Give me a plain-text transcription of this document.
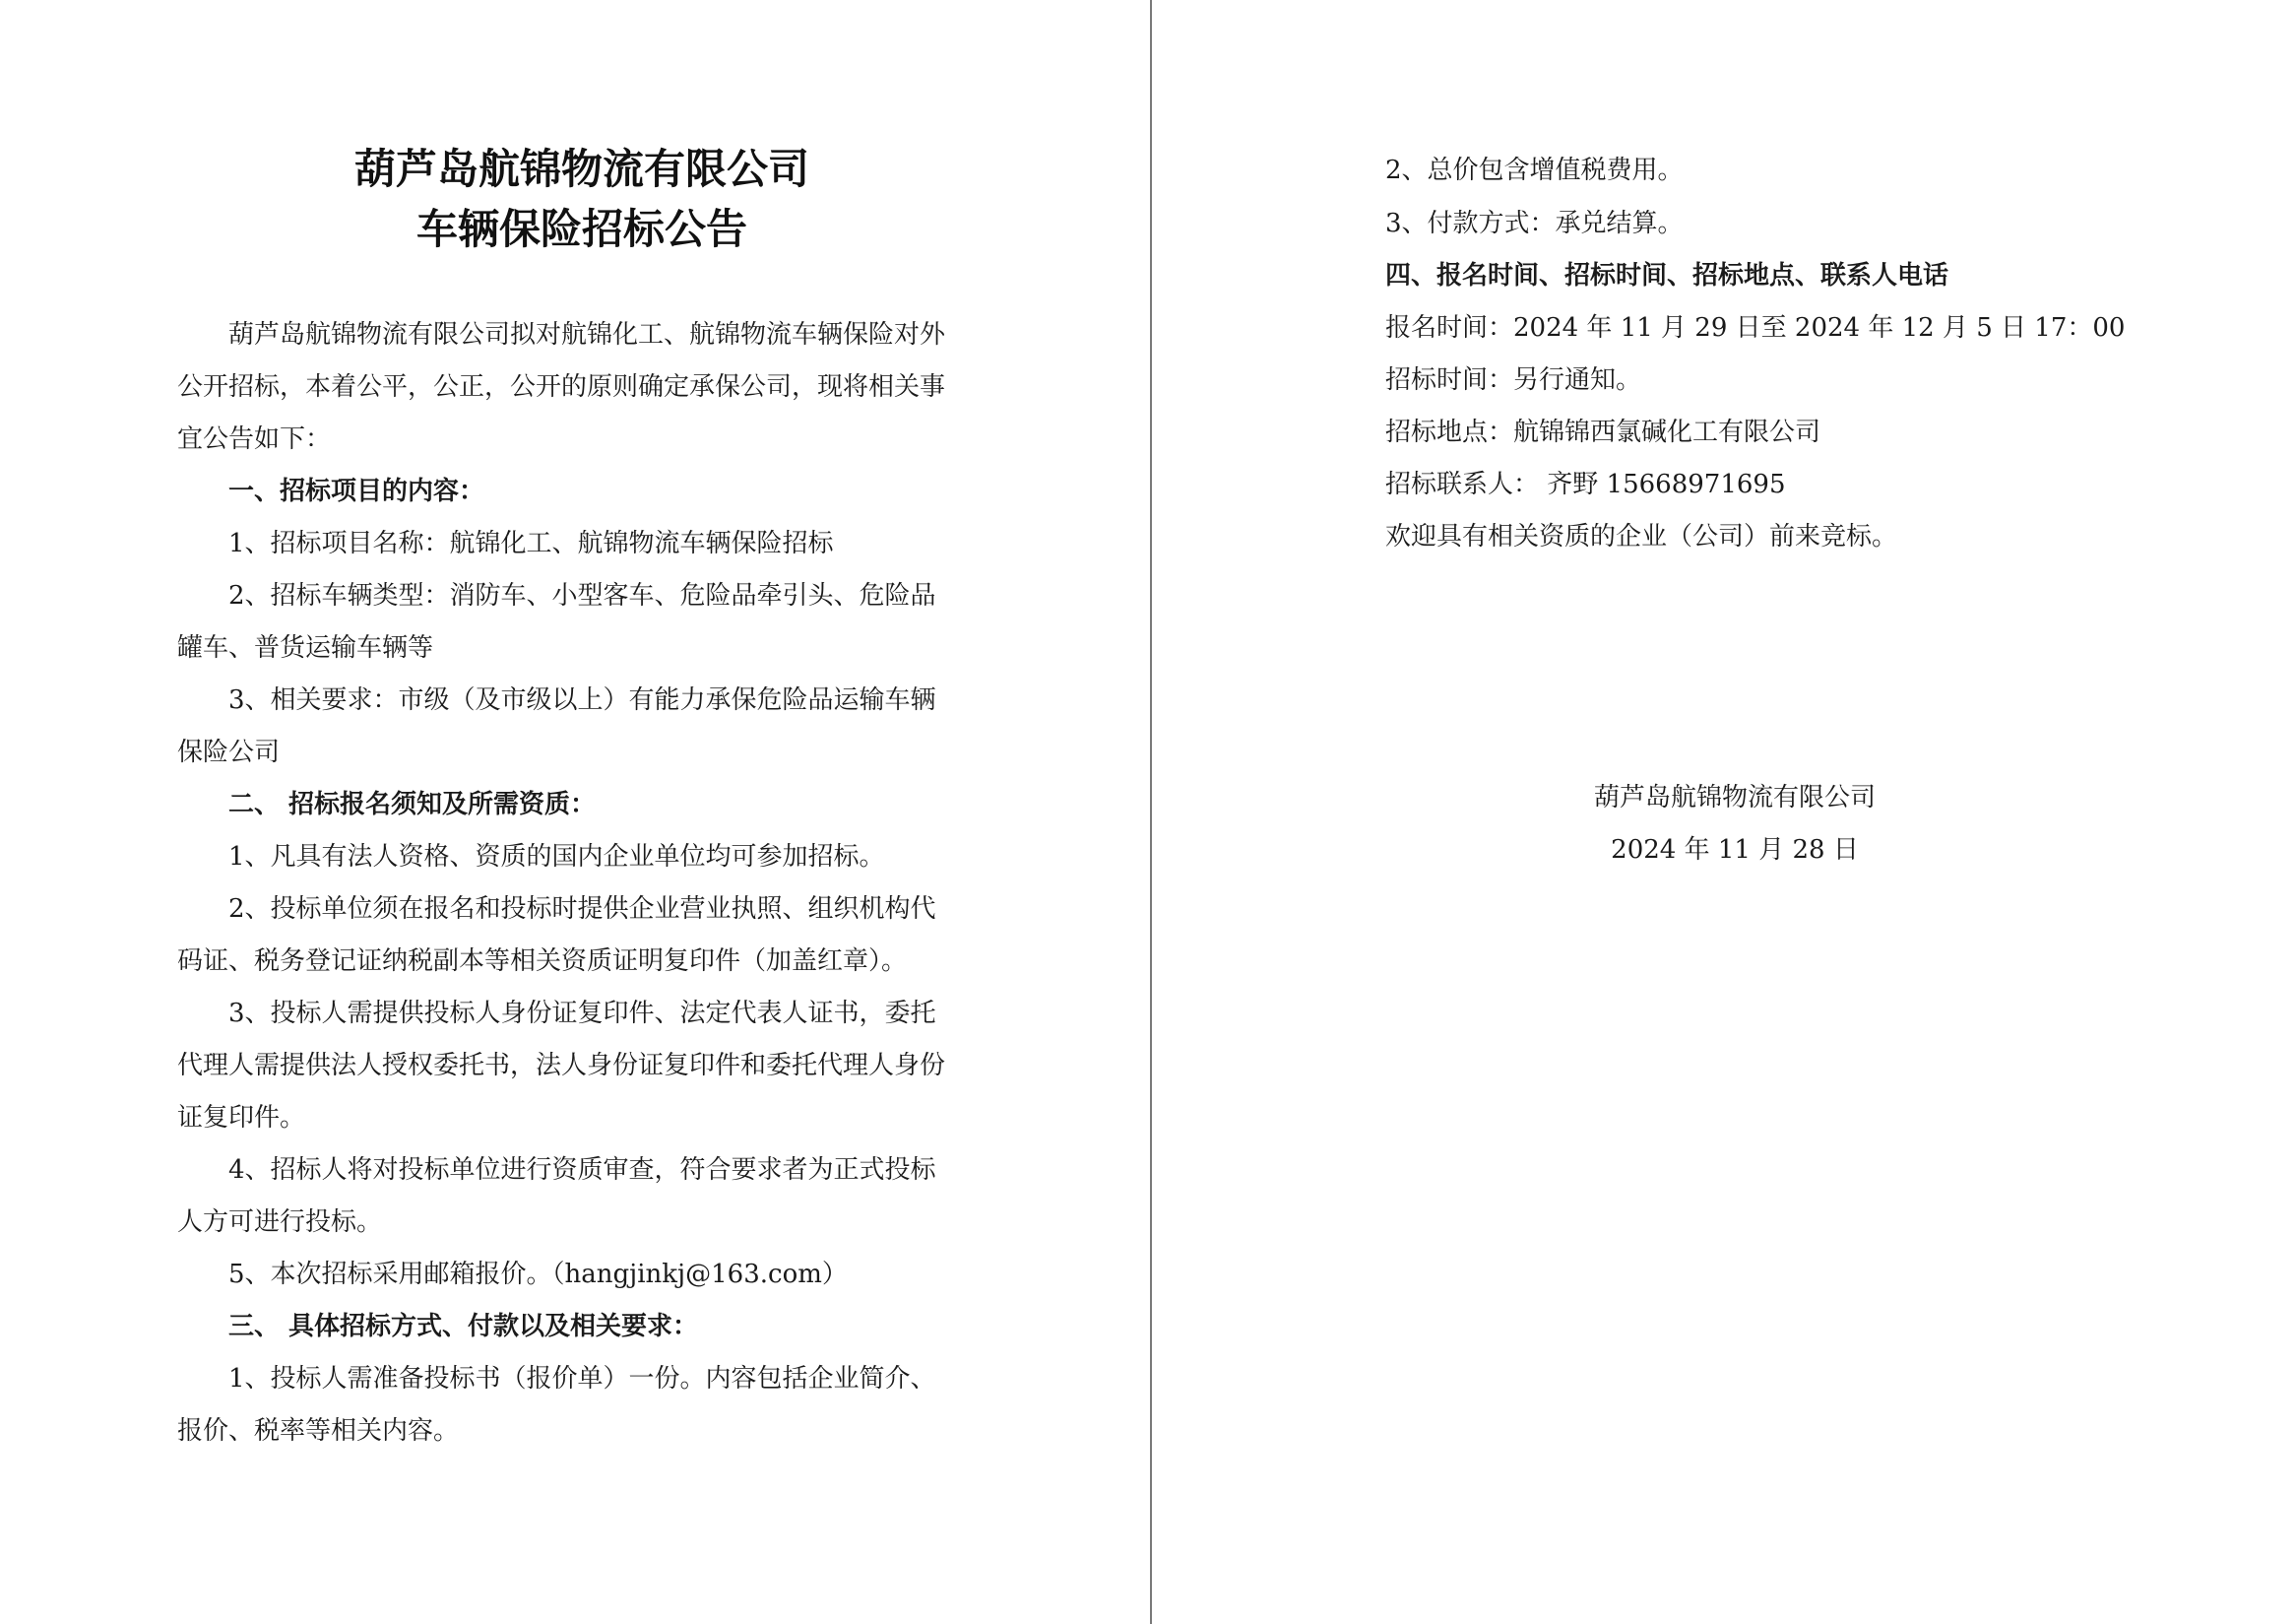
葫芦岛航锦物流有限公司
车辆保险招标公告
葫芦岛航锦物流有限公司拟对航锦化工、航锦物流车辆保险对外
公开招标，本着公平，公正，公开的原则确定承保公司，现将相关事
宜公告如下：
一、招标项目的内容：
1、招标项目名称：航锦化工、航锦物流车辆保险招标
2、招标车辆类型：消防车、小型客车、危险品牵引头、危险品
罐车、普货运输车辆等
3、相关要求：市级（及市级以上）有能力承保危险品运输车辆
保险公司
二、 招标报名须知及所需资质：
1、凡具有法人资格、资质的国内企业单位均可参加招标。
2、投标单位须在报名和投标时提供企业营业执照、组织机构代
码证、税务登记证纳税副本等相关资质证明复印件（加盖红章）。
3、投标人需提供投标人身份证复印件、法定代表人证书，委托
代理人需提供法人授权委托书，法人身份证复印件和委托代理人身份
证复印件。
4、招标人将对投标单位进行资质审查，符合要求者为正式投标
人方可进行投标。
5、本次招标采用邮箱报价。（hangjinkj@163.com）
三、 具体招标方式、付款以及相关要求：
1、投标人需准备投标书（报价单）一份。内容包括企业简介、
报价、税率等相关内容。
2、总价包含增值税费用。
3、付款方式：承兑结算。
四、报名时间、招标时间、招标地点、联系人电话
报名时间：2024 年 11 月 29 日至 2024 年 12 月 5 日 17：00
招标时间：另行通知。
招标地点：航锦锦西氯碱化工有限公司
招标联系人： 齐野 15668971695
欢迎具有相关资质的企业（公司）前来竞标。
葫芦岛航锦物流有限公司
2024 年 11 月 28 日
